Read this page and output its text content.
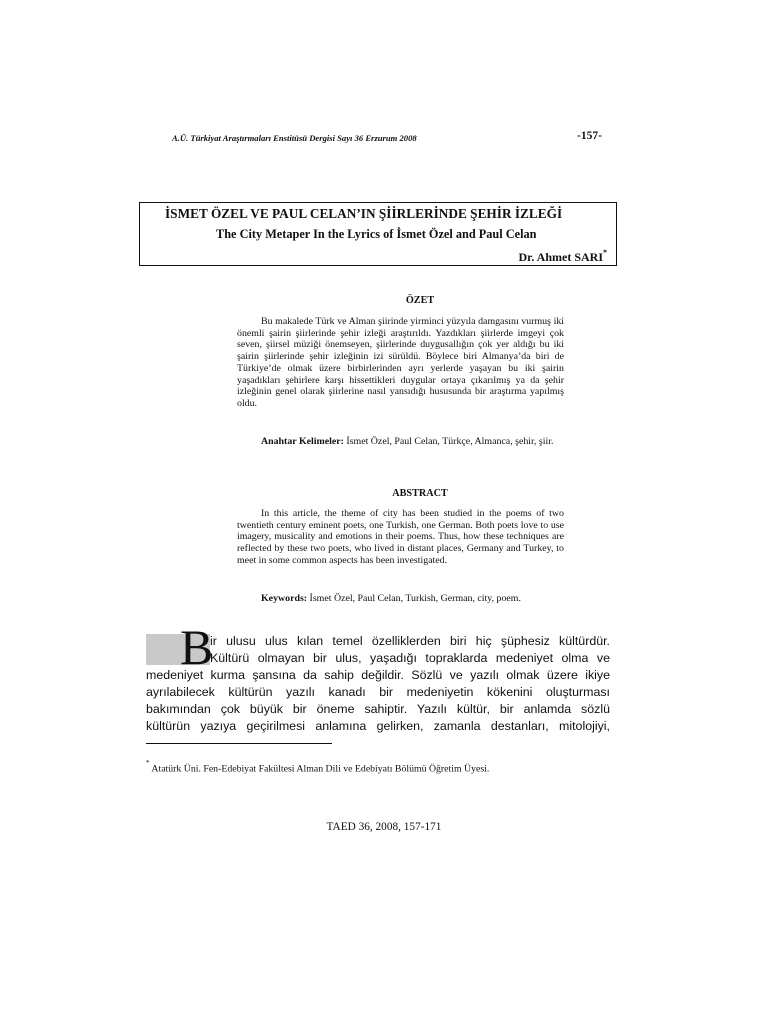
A.Ü. Türkiyat Araştırmaları Enstitüsü Dergisi Sayı 36 Erzurum 2008	-157-
İSMET ÖZEL VE PAUL CELAN’IN ŞİİRLERİNDE ŞEHİR İZLEĞİ
The City Metaper In the Lyrics of İsmet Özel and Paul Celan
Dr. Ahmet SARI*
ÖZET

Bu makalede Türk ve Alman şiirinde yirminci yüzyıla damgasını vurmuş iki önemli şairin şiirlerinde şehir izleği araştırıldı. Yazdıkları şiirlerde imgeyi çok seven, şiirsel müziği önemseyen, şiirlerinde duygusallığın çok yer aldığı bu iki şairin şiirlerinde şehir izleğinin izi sürüldü. Böylece biri Almanya’da biri de Türkiye’de olmak üzere birbirlerinden ayrı yerlerde yaşayan bu iki şairin yaşadıkları şehirlere karşı hissettikleri duygular ortaya çıkarılmış ya da şehir izleğinin genel olarak şiirlerine nasıl yansıdığı hususunda bir araştırma yapılmış oldu.

Anahtar Kelimeler: İsmet Özel, Paul Celan, Türkçe, Almanca, şehir, şiir.

ABSTRACT

In this article, the theme of city has been studied in the poems of two twentieth century eminent poets, one Turkish, one German. Both poets love to use imagery, musicality and emotions in their poems. Thus, how these techniques are reflected by these two poets, who lived in distant places, Germany and Turkey, to meet in some common aspects has been investigated.

Keywords: İsmet Özel, Paul Celan, Turkish, German, city, poem.

B
ir ulusu ulus kılan temel özelliklerden biri hiç şüphesiz kültürdür.
Kültürü olmayan bir ulus, yaşadığı topraklarda medeniyet olma ve
medeniyet kurma şansına da sahip değildir. Sözlü ve yazılı olmak üzere ikiye
ayrılabilecek kültürün yazılı kanadı bir medeniyetin kökenini oluşturması
bakımından çok büyük bir öneme sahiptir. Yazılı kültür, bir anlamda sözlü
kültürün yazıya geçirilmesi anlamına gelirken, zamanla destanları, mitolojiyi,
* Atatürk Üni. Fen-Edebiyat Fakültesi Alman Dili ve Edebiyatı Bölümü Öğretim Üyesi.
TAED 36, 2008, 157-171
